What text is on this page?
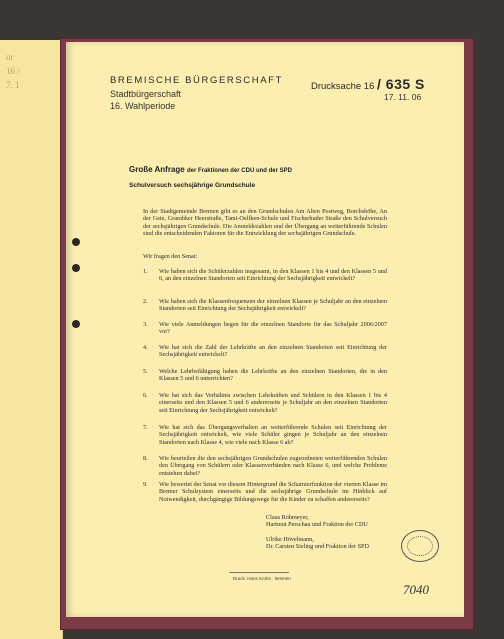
ur
16 /
7. 1	BREMISCHE BÜRGERSCHAFT
Stadtbürgerschaft
16. Wahlperiode
Drucksache 16 / 635 S
17. 11. 06
Große Anfrage der Fraktionen der CDU und der SPD
Schulversuch sechsjährige Grundschule
In der Stadtgemeinde Bremen gibt es an den Grundschulen Am Alten Postweg, Borchshöhe, An der Gete, Grambker Heerstraße, Tami-Oelfken-Schule und Fischerhuder Straße den Schulversuch der sechsjährigen Grundschule. Die Anmeldezahlen und der Übergang an weiterführende Schulen sind die entscheidenden Faktoren für die Entwicklung der sechsjährigen Grundschule.
Wir fragen den Senat:
1. Wie haben sich die Schülerzahlen insgesamt, in den Klassen 1 bis 4 und den Klassen 5 und 6, an den einzelnen Standorten seit Einrichtung der Sechsjährigkeit entwickelt?
2. Wie haben sich die Klassenfrequenzen der einzelnen Klassen je Schuljahr an den einzelnen Standorten seit Einrichtung der Sechsjährigkeit entwickelt?
3. Wie viele Anmeldungen liegen für die einzelnen Standorte für das Schuljahr 2006/2007 vor?
4. Wie hat sich die Zahl der Lehrkräfte an den einzelnen Standorten seit Einrichtung der Sechsjährigkeit entwickelt?
5. Welche Lehrbefähigung haben die Lehrkräfte an den einzelnen Standorten, die in den Klassen 5 und 6 unterrichten?
6. Wie hat sich das Verhältnis zwischen Lehrkräften und Schülern in den Klassen 1 bis 4 einerseits und den Klassen 5 und 6 andererseits je Schuljahr an den einzelnen Standorten seit Einrichtung der Sechsjährigkeit entwickelt?
7. Wie hat sich das Übergangsverhalten an weiterführende Schulen seit Einrichtung der Sechsjährigkeit entwickelt, wie viele Schüler gingen je Schuljahr an den einzelnen Standorten nach Klasse 4, wie viele nach Klasse 6 ab?
8. Wie beurteilen die den sechsjährigen Grundschulen zugeordneten weiterführenden Schulen den Übergang von Schülern oder Klassenverbänden nach Klasse 6, und welche Probleme entstehen dabei?
9. Wie bewertet der Senat vor diesem Hintergrund die Scharnierfunktion der vierten Klasse im Bremer Schulsystem einerseits und die sechsjährige Grundschule im Hinblick auf Notwendigkeit, durchgängige Bildungswege für die Kinder zu schaffen andererseits?
Claus Rohmeyer,
Hartmut Perschau und Fraktion der CDU
Ulrike Hövelmann,
Dr. Carsten Sieling und Fraktion der SPD
Druck: Hans Krohn · Bremen
7040
